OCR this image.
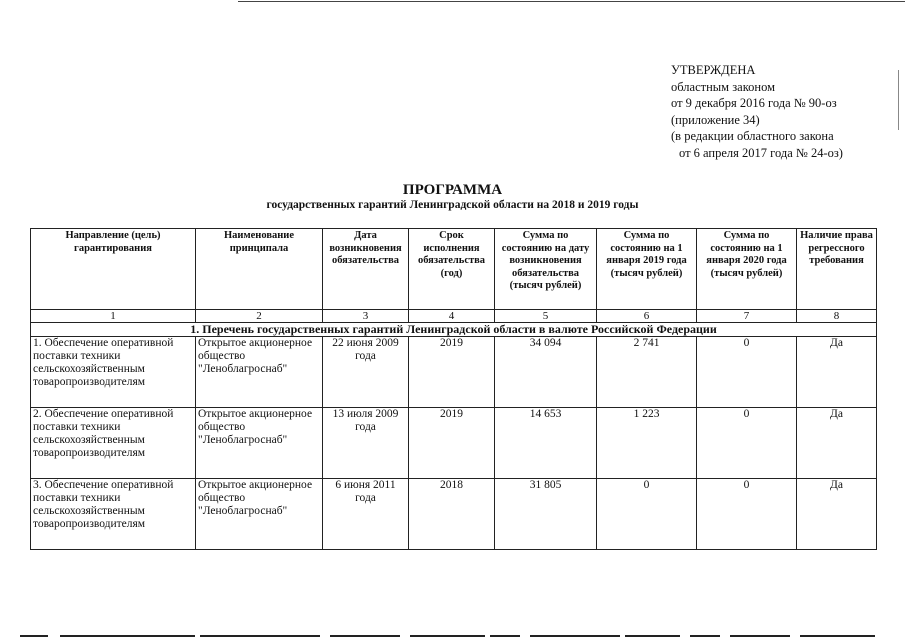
УТВЕРЖДЕНА
областным законом
от 9 декабря 2016 года № 90-оз
(приложение 34)
(в редакции областного закона
от 6 апреля 2017 года № 24-оз)
ПРОГРАММА
государственных гарантий Ленинградской области на 2018 и 2019 годы
Направление (цель) гарантирования	Наименование принципала	Дата возникновения обязательства	Срок исполнения обязательства (год)	Сумма по состоянию на дату возникновения обязательства (тысяч рублей)	Сумма по состоянию на 1 января 2019 года (тысяч рублей)	Сумма по состоянию на 1 января 2020 года (тысяч рублей)	Наличие права регрессного требования
1	2	3	4	5	6	7	8
1. Перечень государственных гарантий Ленинградской области в валюте Российской Федерации							
1. Обеспечение оперативной поставки техники сельскохозяйственным товаропроизводителям	Открытое акционерное общество "Леноблагроснаб"	22 июня 2009 года	2019	34 094	2 741	0	Да
2. Обеспечение оперативной поставки техники сельскохозяйственным товаропроизводителям	Открытое акционерное общество "Леноблагроснаб"	13 июля 2009 года	2019	14 653	1 223	0	Да
3. Обеспечение оперативной поставки техники сельскохозяйственным товаропроизводителям	Открытое акционерное общество "Леноблагроснаб"	6 июня 2011 года	2018	31 805	0	0	Да
